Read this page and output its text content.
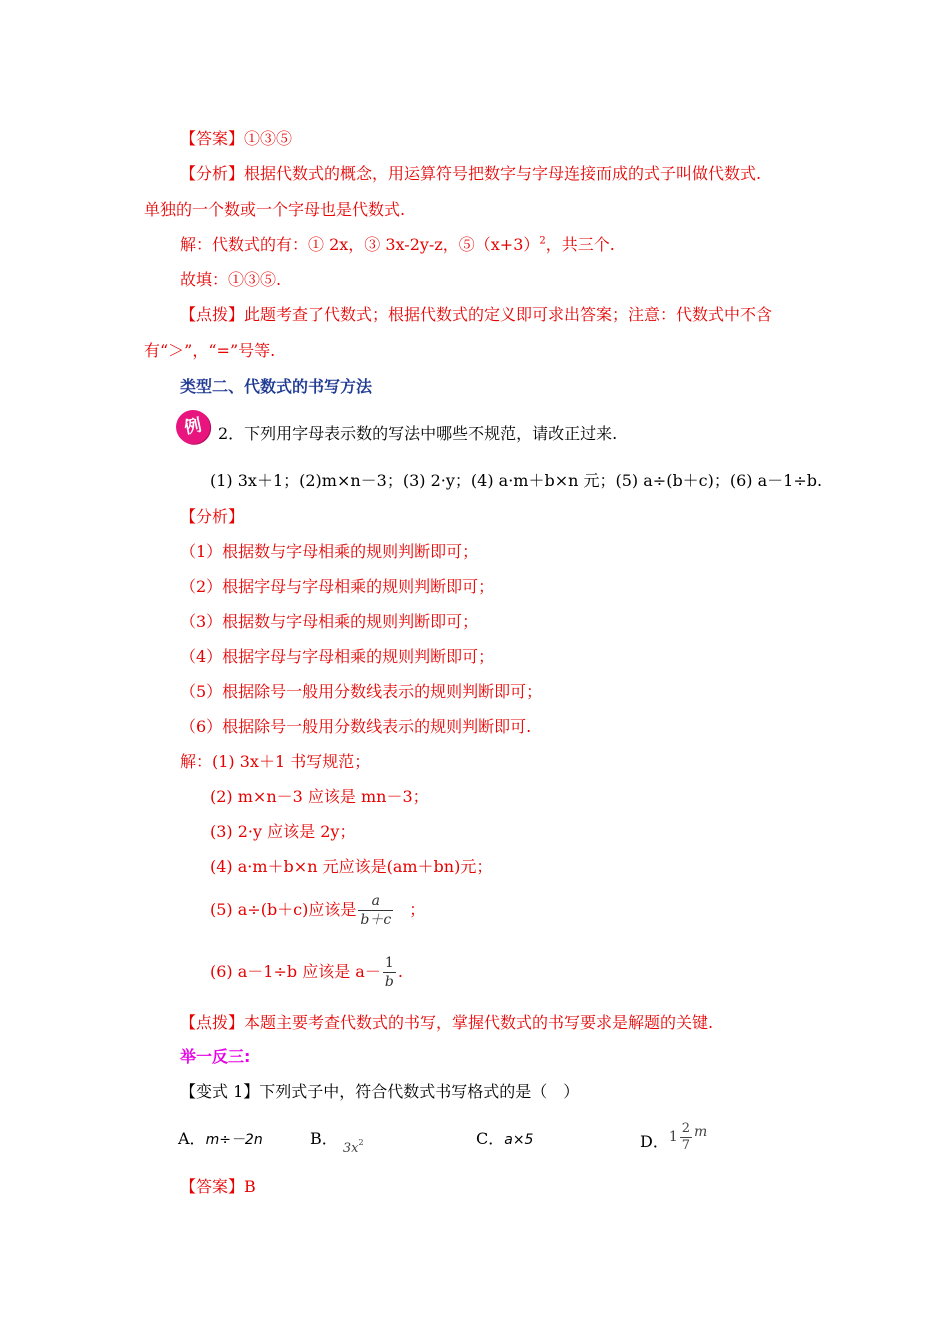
【答案】①③⑤
【分析】根据代数式的概念，用运算符号把数字与字母连接而成的式子叫做代数式.
单独的一个数或一个字母也是代数式.
解：代数式的有：① 2x，③ 3x-2y-z，$⑤(x+3)^2$，共三个.
故填：①③⑤.
【点拨】此题考查了代数式；根据代数式的定义即可求出答案；注意：代数式中不含
有“＞”，“=”号等.
类型二、代数式的书写方法
例 2．下列用字母表示数的写法中哪些不规范，请改正过来.
(1) 3x＋1；(2)m×n－3；(3) 2·y；(4) a·m＋b×n 元；(5) a÷(b＋c)；(6) a－1÷b.
【分析】
（1）根据数与字母相乘的规则判断即可；
（2）根据字母与字母相乘的规则判断即可；
（3）根据数与字母相乘的规则判断即可；
（4）根据字母与字母相乘的规则判断即可；
（5）根据除号一般用分数线表示的规则判断即可；
（6）根据除号一般用分数线表示的规则判断即可.
解：(1) 3x＋1 书写规范；
(2) m×n－3 应该是 mn－3；
(3) 2·y 应该是 2y；
(4) a·m＋b×n 元应该是(am＋bn)元；
(5) a÷(b＋c)应该是 $\frac{a}{b+c}$ ；
(6) a－1÷b 应该是 $a- \frac{1}{b}$ .
【点拨】本题主要考查代数式的书写，掌握代数式的书写要求是解题的关键.
举一反三:
【变式 1】下列式子中，符合代数式书写格式的是（　）
A．m÷－2n	B． $_{3x}$2	C．a×5	D． $1 \frac{2}{7}$ m
【答案】B
